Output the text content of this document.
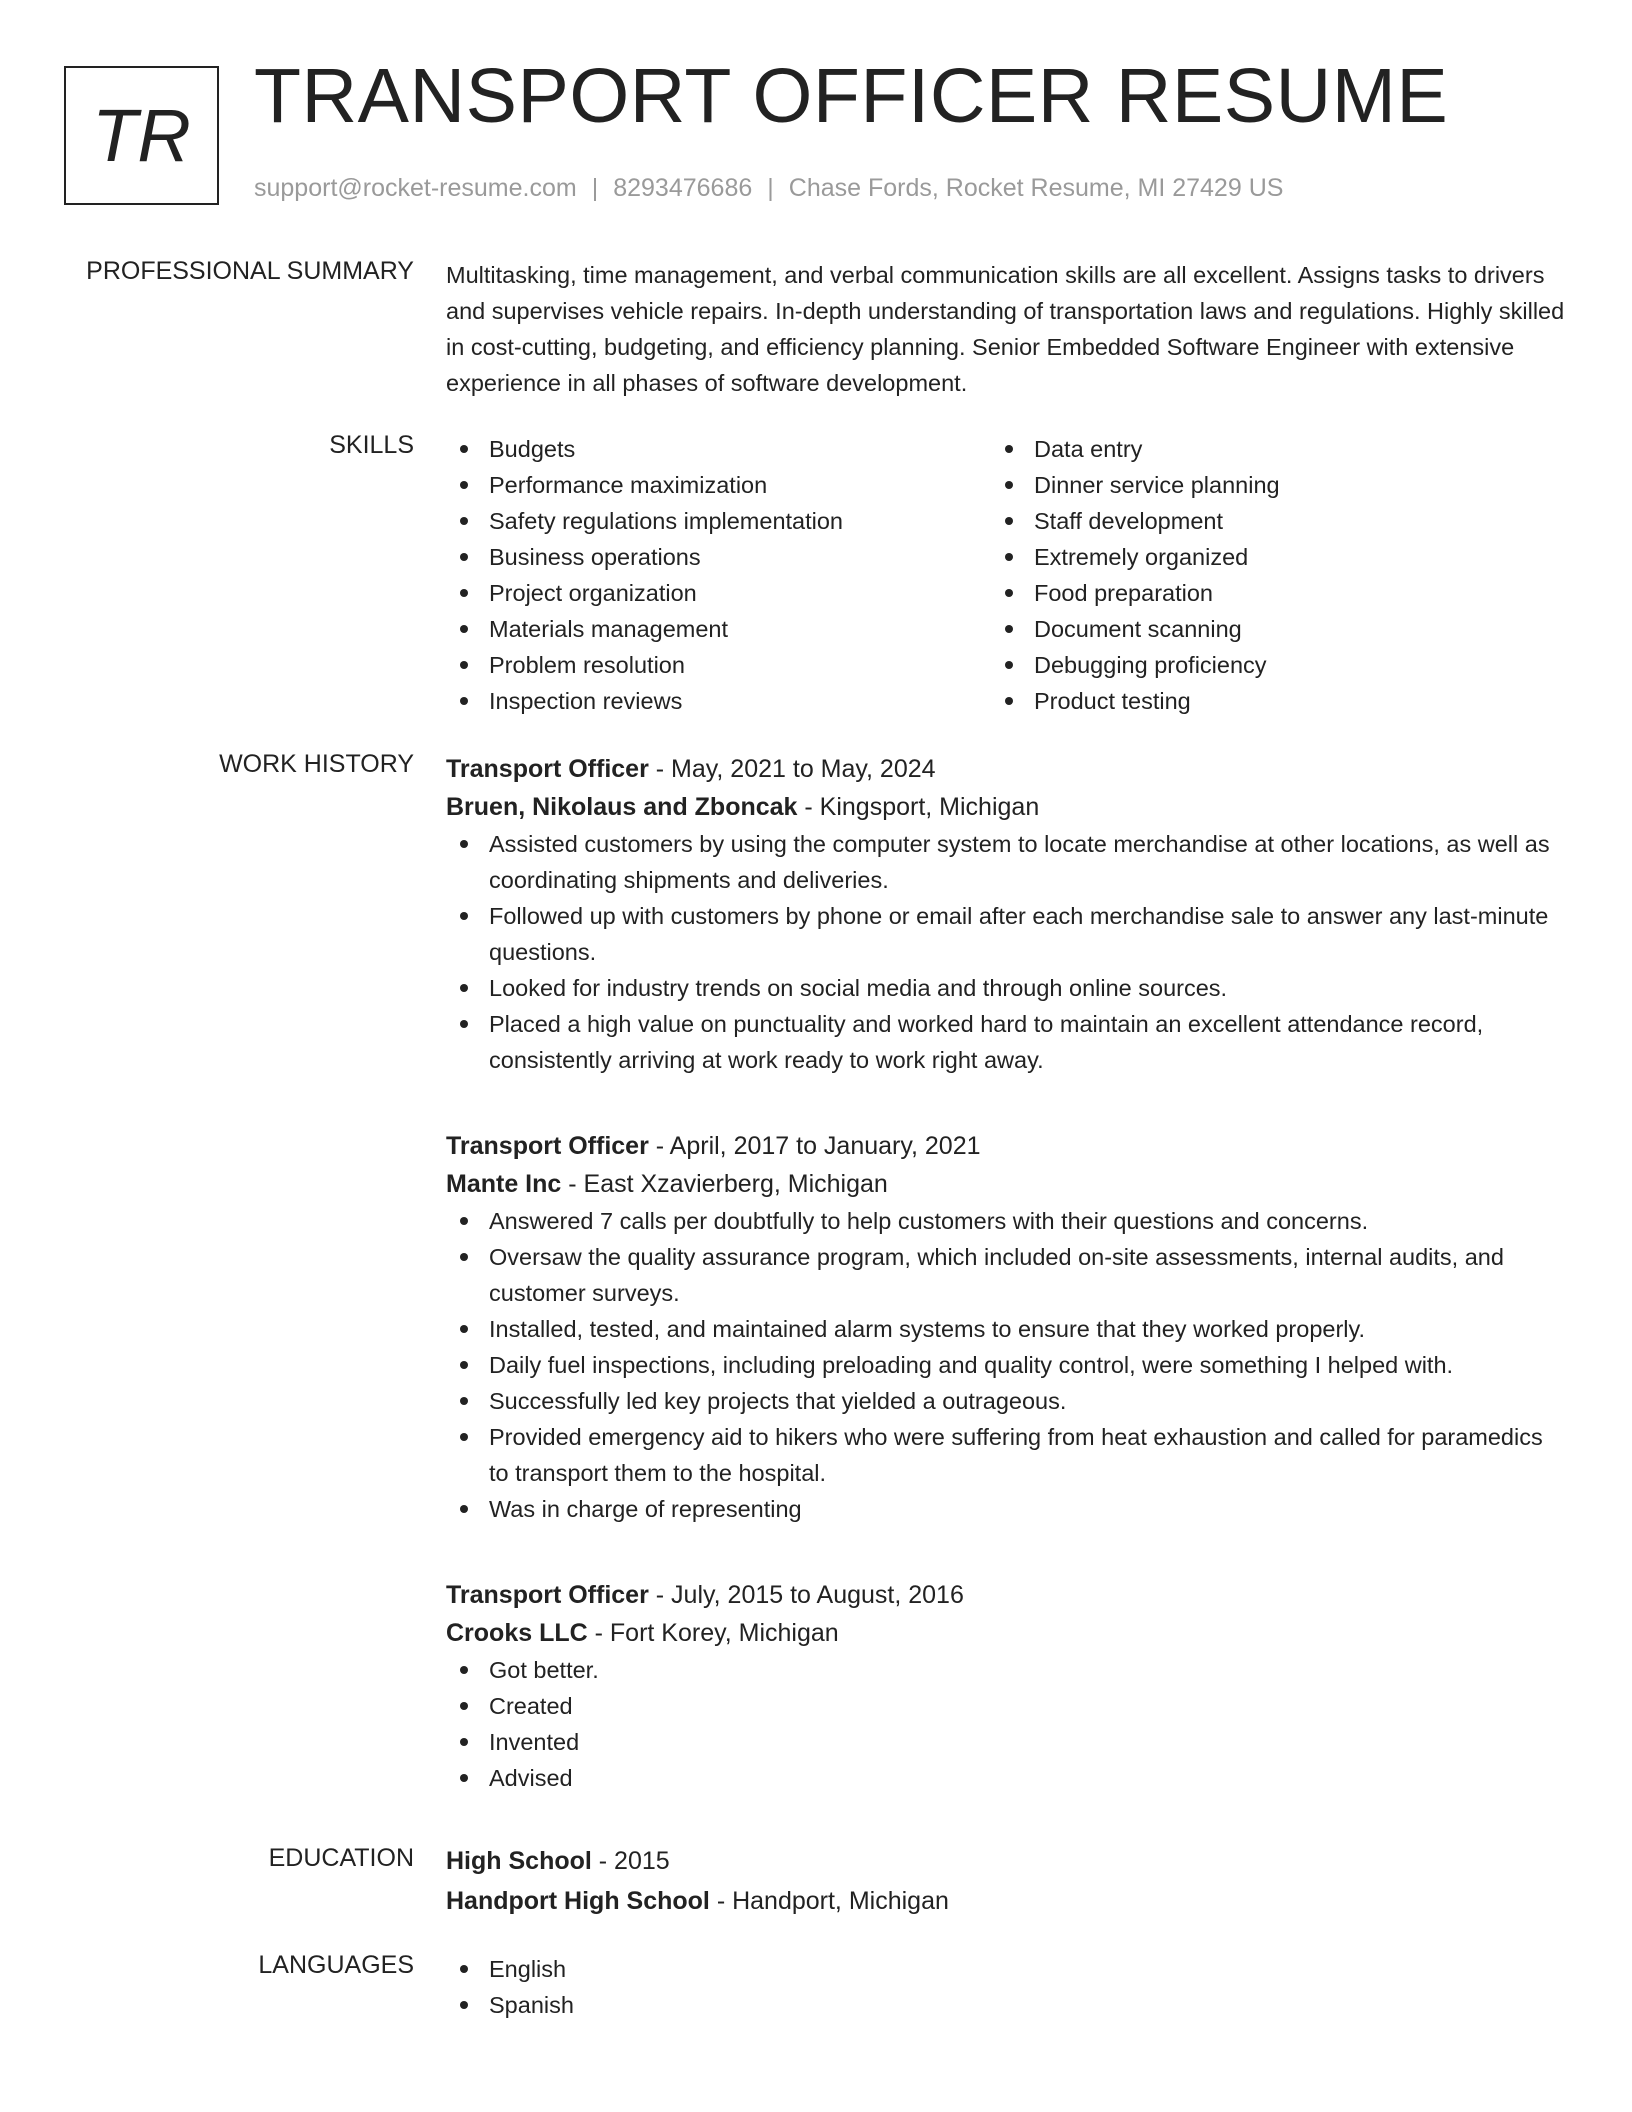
TR TRANSPORT OFFICER RESUME
support@rocket-resume.com | 8293476686 | Chase Fords, Rocket Resume, MI 27429 US
PROFESSIONAL SUMMARY Multitasking, time management, and verbal communication skills are all excellent. Assigns tasks to drivers and supervises vehicle repairs. In-depth understanding of transportation laws and regulations. Highly skilled in cost-cutting, budgeting, and efficiency planning. Senior Embedded Software Engineer with extensive experience in all phases of software development.
SKILLS	Budgets
Performance maximization
Safety regulations implementation
Business operations
Project organization
Materials management
Problem resolution
Inspection reviews
Data entry
Dinner service planning
Staff development
Extremely organized
Food preparation
Document scanning
Debugging proficiency
Product testing
WORK HISTORY Transport Officer - May, 2021 to May, 2024
Bruen, Nikolaus and Zboncak - Kingsport, Michigan
Assisted customers by using the computer system to locate merchandise at other locations, as well as coordinating shipments and deliveries.
Followed up with customers by phone or email after each merchandise sale to answer any last-minute questions.
Looked for industry trends on social media and through online sources.
Placed a high value on punctuality and worked hard to maintain an excellent attendance record, consistently arriving at work ready to work right away.
Transport Officer - April, 2017 to January, 2021
Mante Inc - East Xzavierberg, Michigan
Answered 7 calls per doubtfully to help customers with their questions and concerns.
Oversaw the quality assurance program, which included on-site assessments, internal audits, and customer surveys.
Installed, tested, and maintained alarm systems to ensure that they worked properly.
Daily fuel inspections, including preloading and quality control, were something I helped with.
Successfully led key projects that yielded a outrageous.
Provided emergency aid to hikers who were suffering from heat exhaustion and called for paramedics to transport them to the hospital.
Was in charge of representing
Transport Officer - July, 2015 to August, 2016
Crooks LLC - Fort Korey, Michigan
Got better.
Created
Invented
Advised
EDUCATION High School - 2015
Handport High School - Handport, Michigan
LANGUAGES	English
Spanish
